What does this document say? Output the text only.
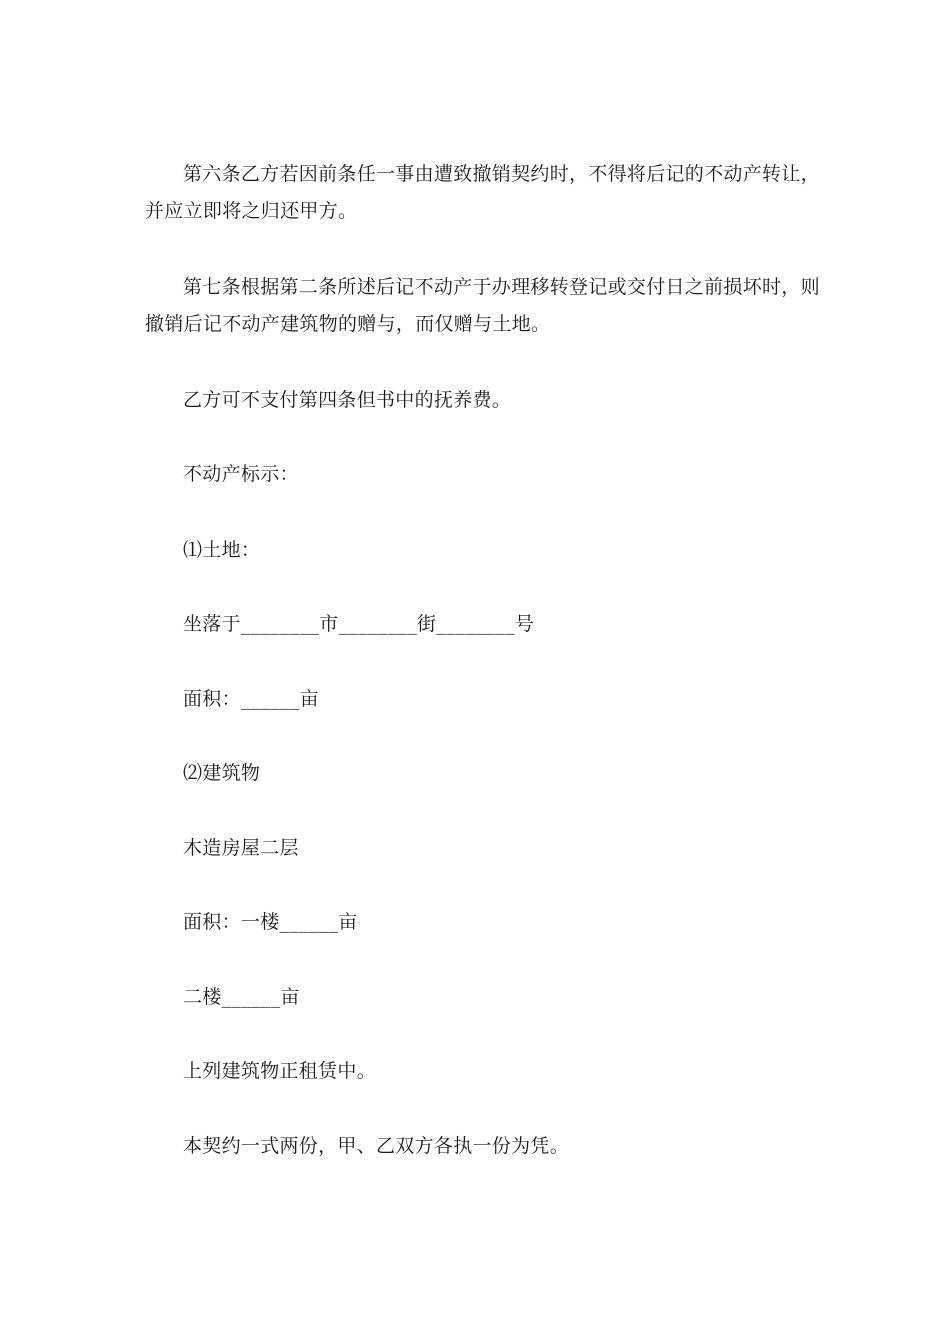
第六条乙方若因前条任一事由遭致撤销契约时，不得将后记的不动产转让，并应立即将之归还甲方。

第七条根据第二条所述后记不动产于办理移转登记或交付日之前损坏时，则撤销后记不动产建筑物的赠与，而仅赠与土地。

乙方可不支付第四条但书中的抚养费。

不动产标示：

⑴土地：

坐落于________市________街________号

面积：______亩

⑵建筑物

木造房屋二层

面积：一楼______亩

二楼______亩

上列建筑物正租赁中。

本契约一式两份，甲、乙双方各执一份为凭。
